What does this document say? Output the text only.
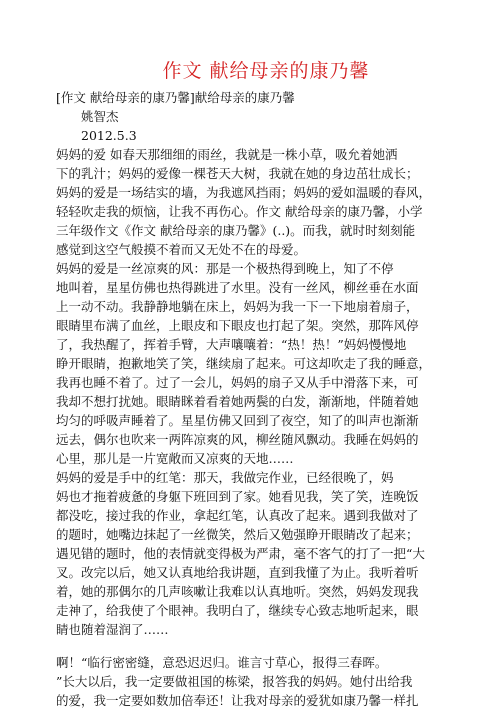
作文 献给母亲的康乃馨

[作文 献给母亲的康乃馨]献给母亲的康乃馨

姚智杰

2012.5.3

妈妈的爱 如春天那细细的雨丝，我就是一株小草，吸允着她洒

下的乳汁；妈妈的爱像一棵苍天大树，我就在她的身边茁壮成长；

妈妈的爱是一场结实的墙，为我遮风挡雨；妈妈的爱如温暖的春风，

轻轻吹走我的烦恼，让我不再伤心。作文 献给母亲的康乃馨，小学

三年级作文《作文 献给母亲的康乃馨》(..)。而我，就时时刻刻能

感觉到这空气般摸不着而又无处不在的母爱。

妈妈的爱是一丝凉爽的风：那是一个极热得到晚上，知了不停

地叫着，星星仿佛也热得跳进了水里。没有一丝风，柳丝垂在水面

上一动不动。我静静地躺在床上，妈妈为我一下一下地扇着扇子，

眼睛里布满了血丝，上眼皮和下眼皮也打起了架。突然，那阵风停

了，我热醒了，挥着手臂，大声嚷嚷着：“热！热！”妈妈慢慢地

睁开眼睛，抱歉地笑了笑，继续扇了起来。可这却吹走了我的睡意，

我再也睡不着了。过了一会儿，妈妈的扇子又从手中滑落下来，可

我却不想打扰她。眼睛眯着看着她两鬓的白发，渐渐地，伴随着她

均匀的呼吸声睡着了。星星仿佛又回到了夜空，知了的叫声也渐渐

远去，偶尔也吹来一两阵凉爽的风，柳丝随风飘动。我睡在妈妈的

心里，那儿是一片宽敞而又凉爽的天地……

妈妈的爱是手中的红笔：那天，我做完作业，已经很晚了，妈

妈也才拖着疲惫的身躯下班回到了家。她看见我，笑了笑，连晚饭

都没吃，接过我的作业，拿起红笔，认真改了起来。遇到我做对了

的题时，她嘴边抹起了一丝微笑，然后又勉强睁开眼睛改了起来；

遇见错的题时，他的表情就变得极为严肃，毫不客气的打了一把“大

叉。改完以后，她又认真地给我讲题，直到我懂了为止。我听着听

着，她的那偶尔的几声咳嗽让我难以认真地听。突然，妈妈发现我

走神了，给我使了个眼神。我明白了，继续专心致志地听起来，眼

睛也随着湿润了……

啊！“临行密密缝，意恐迟迟归。谁言寸草心，报得三春晖。

”长大以后，我一定要做祖国的栋梁，报答我的妈妈。她付出给我

的爱，我一定要如数加倍奉还！让我对母亲的爱犹如康乃馨一样扎
